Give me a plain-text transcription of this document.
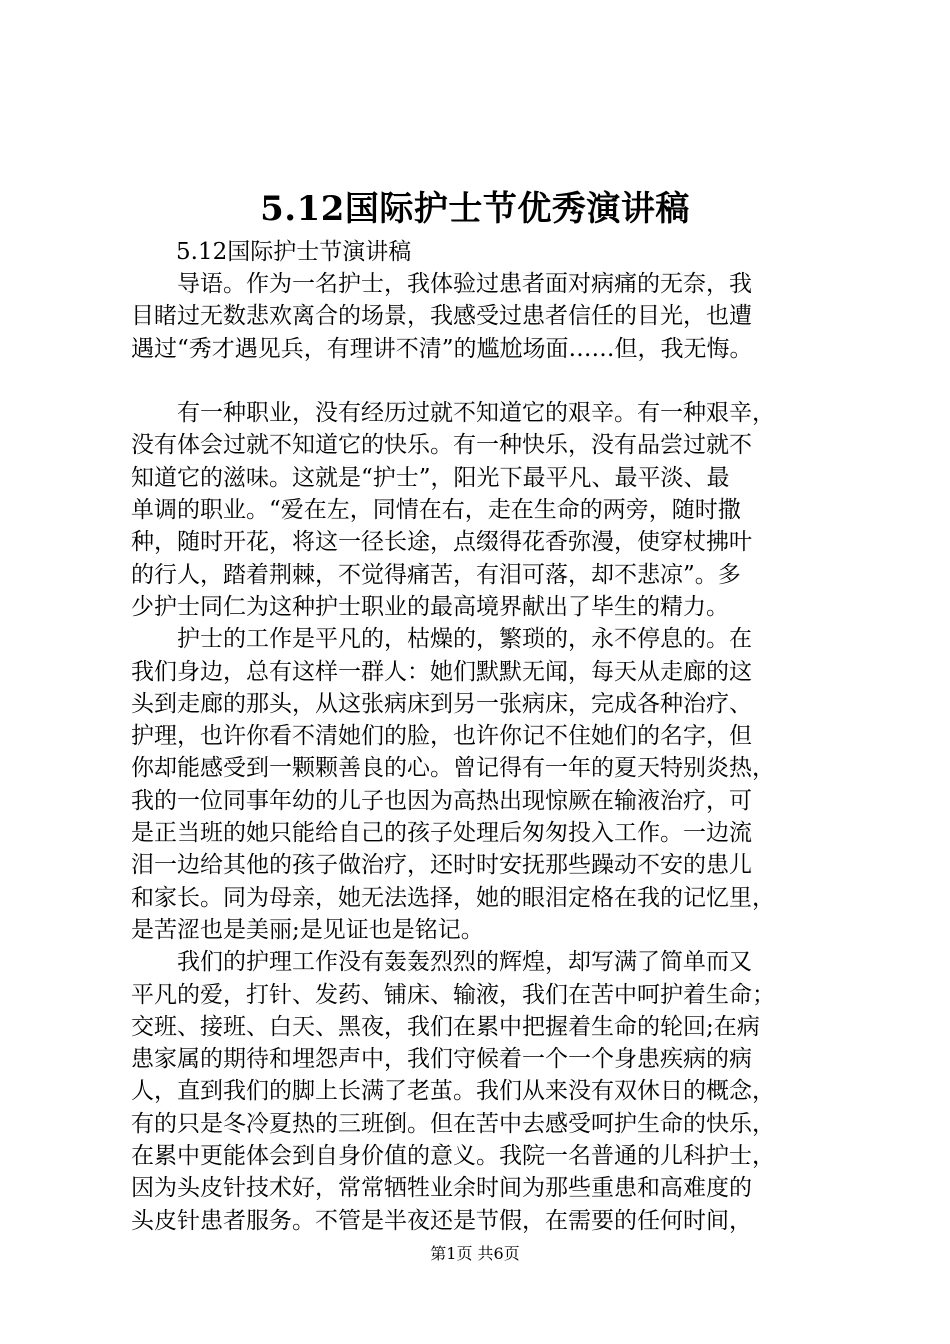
5.12国际护士节优秀演讲稿
5.12国际护士节演讲稿
导语。作为一名护士，我体验过患者面对病痛的无奈，我
目睹过无数悲欢离合的场景，我感受过患者信任的目光，也遭
遇过“秀才遇见兵，有理讲不清”的尴尬场面……但，我无悔。
有一种职业，没有经历过就不知道它的艰辛。有一种艰辛，
没有体会过就不知道它的快乐。有一种快乐，没有品尝过就不
知道它的滋味。这就是“护士”，阳光下最平凡、最平淡、最
单调的职业。“爱在左，同情在右，走在生命的两旁，随时撒
种，随时开花，将这一径长途，点缀得花香弥漫，使穿杖拂叶
的行人，踏着荆棘，不觉得痛苦，有泪可落，却不悲凉”。多
少护士同仁为这种护士职业的最高境界献出了毕生的精力。
护士的工作是平凡的，枯燥的，繁琐的，永不停息的。在
我们身边，总有这样一群人：她们默默无闻，每天从走廊的这
头到走廊的那头，从这张病床到另一张病床，完成各种治疗、
护理，也许你看不清她们的脸，也许你记不住她们的名字，但
你却能感受到一颗颗善良的心。曾记得有一年的夏天特别炎热，
我的一位同事年幼的儿子也因为高热出现惊厥在输液治疗，可
是正当班的她只能给自己的孩子处理后匆匆投入工作。一边流
泪一边给其他的孩子做治疗，还时时安抚那些躁动不安的患儿
和家长。同为母亲，她无法选择，她的眼泪定格在我的记忆里，
是苦涩也是美丽;是见证也是铭记。
我们的护理工作没有轰轰烈烈的辉煌，却写满了简单而又
平凡的爱，打针、发药、铺床、输液，我们在苦中呵护着生命；
交班、接班、白天、黑夜，我们在累中把握着生命的轮回;在病
患家属的期待和埋怨声中，我们守候着一个一个身患疾病的病
人，直到我们的脚上长满了老茧。我们从来没有双休日的概念，
有的只是冬冷夏热的三班倒。但在苦中去感受呵护生命的快乐，
在累中更能体会到自身价值的意义。我院一名普通的儿科护士，
因为头皮针技术好，常常牺牲业余时间为那些重患和高难度的
头皮针患者服务。不管是半夜还是节假，在需要的任何时间，
第1页 共6页
